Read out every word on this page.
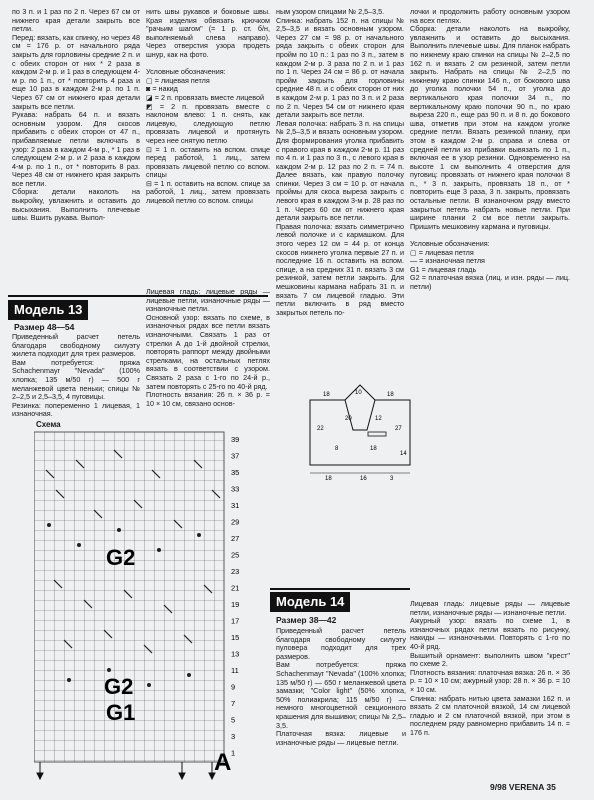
по 3 п. и 1 раз по 2 п. Через 67 см от нижнего края детали закрыть все петли.
Перед: вязать, как спинку, но через 48 см = 176 р. от начального ряда закрыть для горловины средние 2 п. и с обеих сторон от них * 2 раза в каждом 2-м р. и 1 раз в следующем 4-м р. по 1 п., от * повторить 4 раза и еще 10 раз в каждом 2-м р. по 1 п. Через 67 см от нижнего края детали закрыть все петли.
Рукава: набрать 64 п. и вязать основным узором. Для скосов прибавить с обеих сторон от 47 п., прибавляемые петли включать в узор: 2 раза в каждом 4-м р., * 1 раз в следующем 2-м р. и 2 раза в каждом 4-м р. по 1 п., от * повторить 8 раз. Через 48 см от нижнего края закрыть все петли.
Сборка: детали наколоть на выкройку, увлажнить и оставить до высыхания. Выполнить плечевые швы. Вшить рукава. Выпол-
нить швы рукавов и боковые швы. Края изделия обвязать крючком "рачьим шагом" (= 1 р. ст. б/н, выполняемый слева направо). Через отверстия узора продеть шнур, как на фото.

Условные обозначения:
▢ = лицевая петля
◙ = накид
◪ = 2 п. провязать вместе лицевой
◩ = 2 п. провязать вместе с наклоном влево: 1 п. снять, как лицевую, следующую петлю провязать лицевой и протянуть через нее снятую петлю
⊡ = 1 п. оставить на вспом. спице перед работой, 1 лиц., затем провязать лицевой петлю со вспом. спицы
⊟ = 1 п. оставить на вспом. спице за работой, 1 лиц., затем провязать лицевой петлю со вспом. спицы
ным узором спицами № 2,5–3,5.
Спинка: набрать 152 п. на спицы № 2,5–3,5 и вязать основным узором. Через 27 см = 98 р. от начального ряда закрыть с обеих сторон для пройм по 10 п.: 1 раз по 3 п., затем в каждом 2-м р. 3 раза по 2 п. и 1 раз по 1 п. Через 24 см = 86 р. от начала пройм закрыть для горловины средние 48 п. и с обеих сторон от них в каждом 2-м р. 1 раз по 3 п. и 2 раза по 2 п. Через 54 см от нижнего края детали закрыть все петли.
Левая полочка: набрать 3 п. на спицы № 2,5–3,5 и вязать основным узором. Для формирования уголка прибавить с правого края в каждом 2-м р. 11 раз по 4 п. и 1 раз по 3 п., с левого края в каждом 2-м р. 12 раз по 2 п. = 74 п. Далее вязать, как правую полочку спинки. Через 3 см = 10 р. от начала проймы для скоса выреза закрыть с левого края в каждом 3-м р. 28 раз по 1 п. Через 60 см от нижнего края детали закрыть все петли.
Правая полочка: вязать симметрично левой полочке и с кармашком. Для этого через 12 см = 44 р. от конца скосов нижнего уголка первые 27 п. и последние 16 п. оставить на вспом. спице, а на средних 31 п. вязать 3 см резинкой, затем петли закрыть. Для мешковины кармана набрать 31 п. и вязать 7 см лицевой гладью. Эти петли включить в ряд вместо закрытых петель по-
лочки и продолжить работу основным узором на всех петлях.
Сборка: детали наколоть на выкройку, увлажнить и оставить до высыхания. Выполнить плечевые швы. Для планок набрать по нижнему краю спинки на спицы № 2–2,5 по 162 п. и вязать 2 см резинкой, затем петли закрыть. Набрать на спицы № 2–2,5 по нижнему краю спинки 146 п., от бокового шва до уголка полочки 54 п., от уголка до вертикального края полочки 34 п., по вертикальному краю полочки 90 п., по краю выреза 220 п., еще раз 90 п. и 8 п. до бокового шва, отметив при этом на каждом уголке средние петли. Вязать резинкой планку, при этом в каждом 2-м р. справа и слева от средней петли из прибавки вывязать по 1 п., включая ее в узор резинки. Одновременно на высоте 1 см выполнить 4 отверстия для пуговиц: провязать от нижнего края полочки 8 п., * 3 п. закрыть, провязать 18 п., от * повторить еще 3 раза, 3 п. закрыть, провязать остальные петли. В изнаночном ряду вместо закрытых петель набрать новые петли. При ширине планки 2 см все петли закрыть. Пришить мешковину кармана и пуговицы.

Условные обозначения:
▢ = лицевая петля
— = изнаночная петля
G1 = лицевая гладь
G2 = платочная вязка (лиц. и изн. ряды — лиц. петли)
Модель 13
Размер 48—54
Приведенный расчет петель благодаря свободному силуэту жилета подходит для трех размеров.
Вам потребуется: пряжа Schachenmayr "Nevada" (100% хлопка; 135 м/50 г) — 500 г меланжевой цвета пеньки; спицы № 2–2,5 и 2,5–3,5, 4 пуговицы.
Резинка: попеременно 1 лицевая, 1 изнаночная.
Лицевая гладь: лицевые ряды — лицевые петли, изнаночные ряды — изнаночные петли.
Основной узор: вязать по схеме, в изнаночных рядах все петли вязать изнаночными. Связать 1 раз от стрелки А до 1-й двойной стрелки, повторять раппорт между двойными стрелками, на остальных петлях вязать в соответствии с узором. Связать 2 раза с 1-го по 24-й р., затем повторять с 25-го по 40-й ряд.
Плотность вязания: 26 п. × 36 р. = 10 × 10 см, связано основ-
Схема
39
37
35
33
31
29
27
25
23
21
19
17
15
13
11
9
7
5
3
1
G2
G2
G1
A
18	10	18
27
22
20	12
18	16	3
14
8	18
Модель 14
Размер 38—42
Приведенный расчет петель благодаря свободному силуэту пуловера подходит для трех размеров.
Вам потребуется: пряжа Schachenmayr "Nevada" (100% хлопка; 135 м/50 г) — 650 г меланжевой цвета замазки; "Color light" (50% хлопка, 50% полиакрила; 115 м/50 г) — немного многоцветной секционного крашения для вышивки; спицы № 2,5–3,5.
Платочная вязка: лицевые и изнаночные ряды — лицевые петли.
Лицевая гладь: лицевые ряды — лицевые петли, изнаночные ряды — изнаночные петли.
Ажурный узор: вязать по схеме 1, в изнаночных рядах петли вязать по рисунку, накиды — изнаночными. Повторять с 1-го по 40-й ряд.
Вышитый орнамент: выполнить швом "крест" по схеме 2.
Плотность вязания: платочная вязка: 26 п. × 36 р. = 10 × 10 см; ажурный узор: 28 п. × 36 р. = 10 × 10 см.
Спинка: набрать нитью цвета замазки 162 п. и вязать 2 см платочной вязкой, 14 см лицевой гладью и 2 см платочной вязкой, при этом в последнем ряду равномерно прибавить 14 п. = 176 п.
9/98 VERENA 35
